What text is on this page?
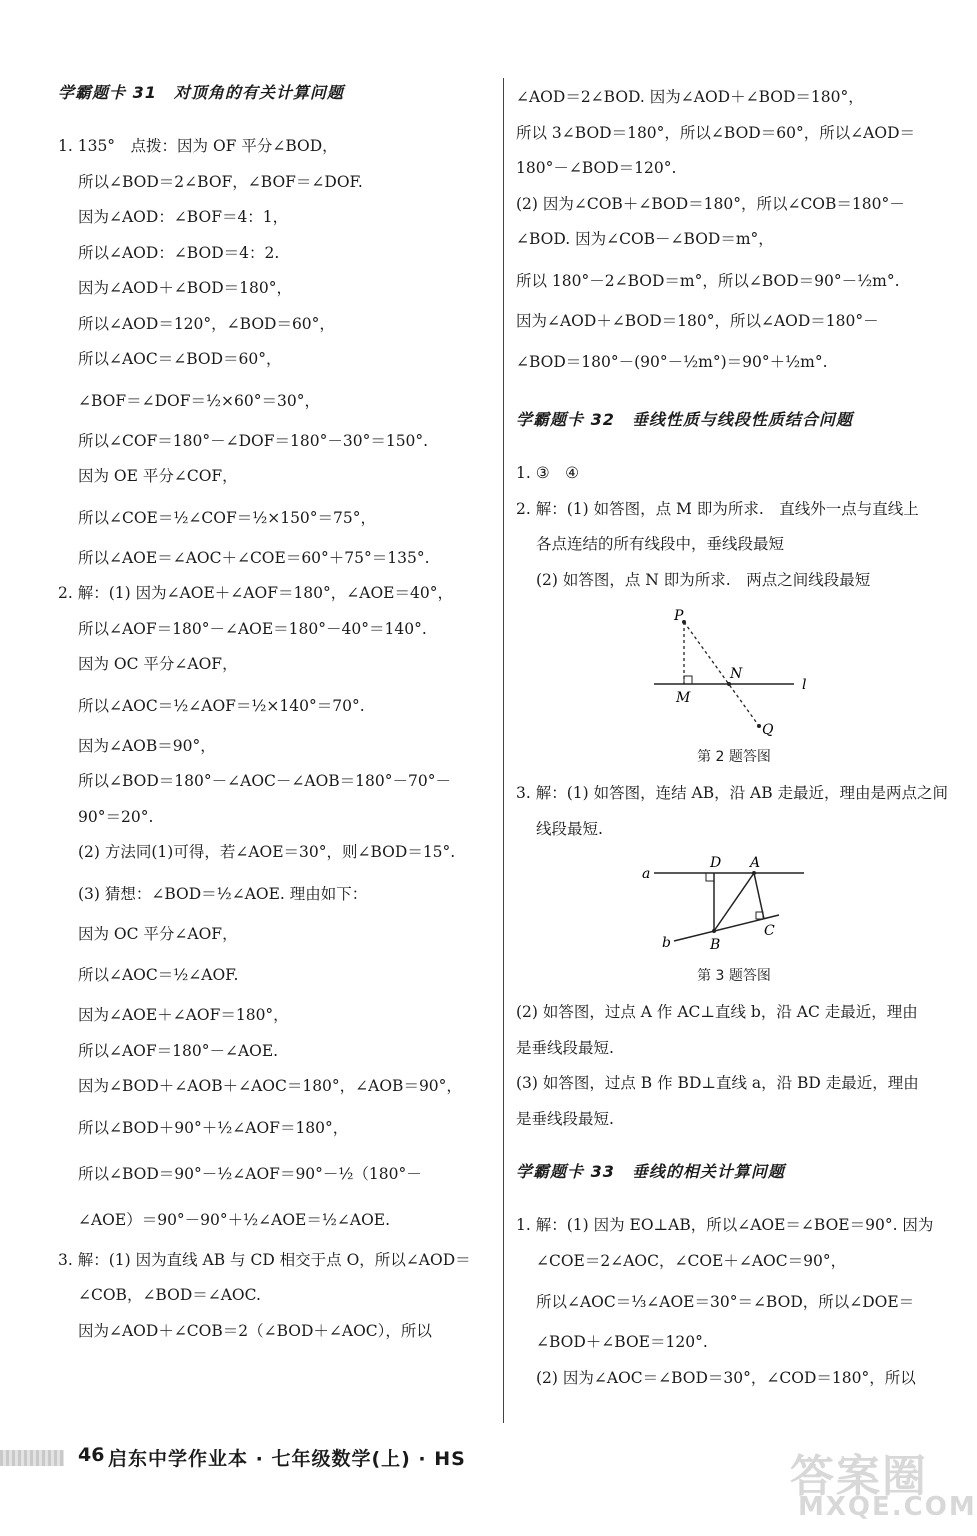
学霸题卡 31　对顶角的有关计算问题
1. 135°　点拨：因为 OF 平分∠BOD，
所以∠BOD＝2∠BOF，∠BOF＝∠DOF.
因为∠AOD：∠BOF＝4：1，
所以∠AOD：∠BOD＝4：2.
因为∠AOD＋∠BOD＝180°，
所以∠AOD＝120°，∠BOD＝60°，
所以∠AOC＝∠BOD＝60°，
∠BOF＝∠DOF＝½×60°＝30°，
所以∠COF＝180°－∠DOF＝180°－30°＝150°.
因为 OE 平分∠COF，
所以∠COE＝½∠COF＝½×150°＝75°，
所以∠AOE＝∠AOC＋∠COE＝60°＋75°＝135°.
2. 解：(1) 因为∠AOE＋∠AOF＝180°，∠AOE＝40°，
所以∠AOF＝180°－∠AOE＝180°－40°＝140°.
因为 OC 平分∠AOF，
所以∠AOC＝½∠AOF＝½×140°＝70°.
因为∠AOB＝90°，
所以∠BOD＝180°－∠AOC－∠AOB＝180°－70°－
90°＝20°.
(2) 方法同(1)可得，若∠AOE＝30°，则∠BOD＝15°.
(3) 猜想：∠BOD＝½∠AOE. 理由如下：
因为 OC 平分∠AOF，
所以∠AOC＝½∠AOF.
因为∠AOE＋∠AOF＝180°，
所以∠AOF＝180°－∠AOE.
因为∠BOD＋∠AOB＋∠AOC＝180°，∠AOB＝90°，
所以∠BOD＋90°＋½∠AOF＝180°，
所以∠BOD＝90°－½∠AOF＝90°－½（180°－
∠AOE）＝90°－90°＋½∠AOE＝½∠AOE.
3. 解：(1) 因为直线 AB 与 CD 相交于点 O，所以∠AOD＝
∠COB，∠BOD＝∠AOC.
因为∠AOD＋∠COB＝2（∠BOD＋∠AOC），所以
∠AOD＝2∠BOD. 因为∠AOD＋∠BOD＝180°，
所以 3∠BOD＝180°，所以∠BOD＝60°，所以∠AOD＝
180°－∠BOD＝120°.
(2) 因为∠COB＋∠BOD＝180°，所以∠COB＝180°－
∠BOD. 因为∠COB－∠BOD＝m°，
所以 180°－2∠BOD＝m°，所以∠BOD＝90°－½m°.
因为∠AOD＋∠BOD＝180°，所以∠AOD＝180°－
∠BOD＝180°－(90°－½m°)＝90°＋½m°.
学霸题卡 32　垂线性质与线段性质结合问题
1. ③　④
2. 解：(1) 如答图，点 M 即为所求.　直线外一点与直线上
各点连结的所有线段中，垂线段最短
(2) 如答图，点 N 即为所求.　两点之间线段最短
P
N
M
l
Q
第 2 题答图
3. 解：(1) 如答图，连结 AB，沿 AB 走最近，理由是两点之间
线段最短.
a
D A
b	B
C
第 3 题答图
(2) 如答图，过点 A 作 AC⊥直线 b，沿 AC 走最近，理由
是垂线段最短.
(3) 如答图，过点 B 作 BD⊥直线 a，沿 BD 走最近，理由
是垂线段最短.
学霸题卡 33　垂线的相关计算问题
1. 解：(1) 因为 EO⊥AB，所以∠AOE＝∠BOE＝90°. 因为
∠COE＝2∠AOC，∠COE＋∠AOC＝90°，
所以∠AOC＝⅓∠AOE＝30°＝∠BOD，所以∠DOE＝
∠BOD＋∠BOE＝120°.
(2) 因为∠AOC＝∠BOD＝30°，∠COD＝180°，所以
46 启东中学作业本 · 七年级数学(上) · HS	答案圈
MXQE.COM
